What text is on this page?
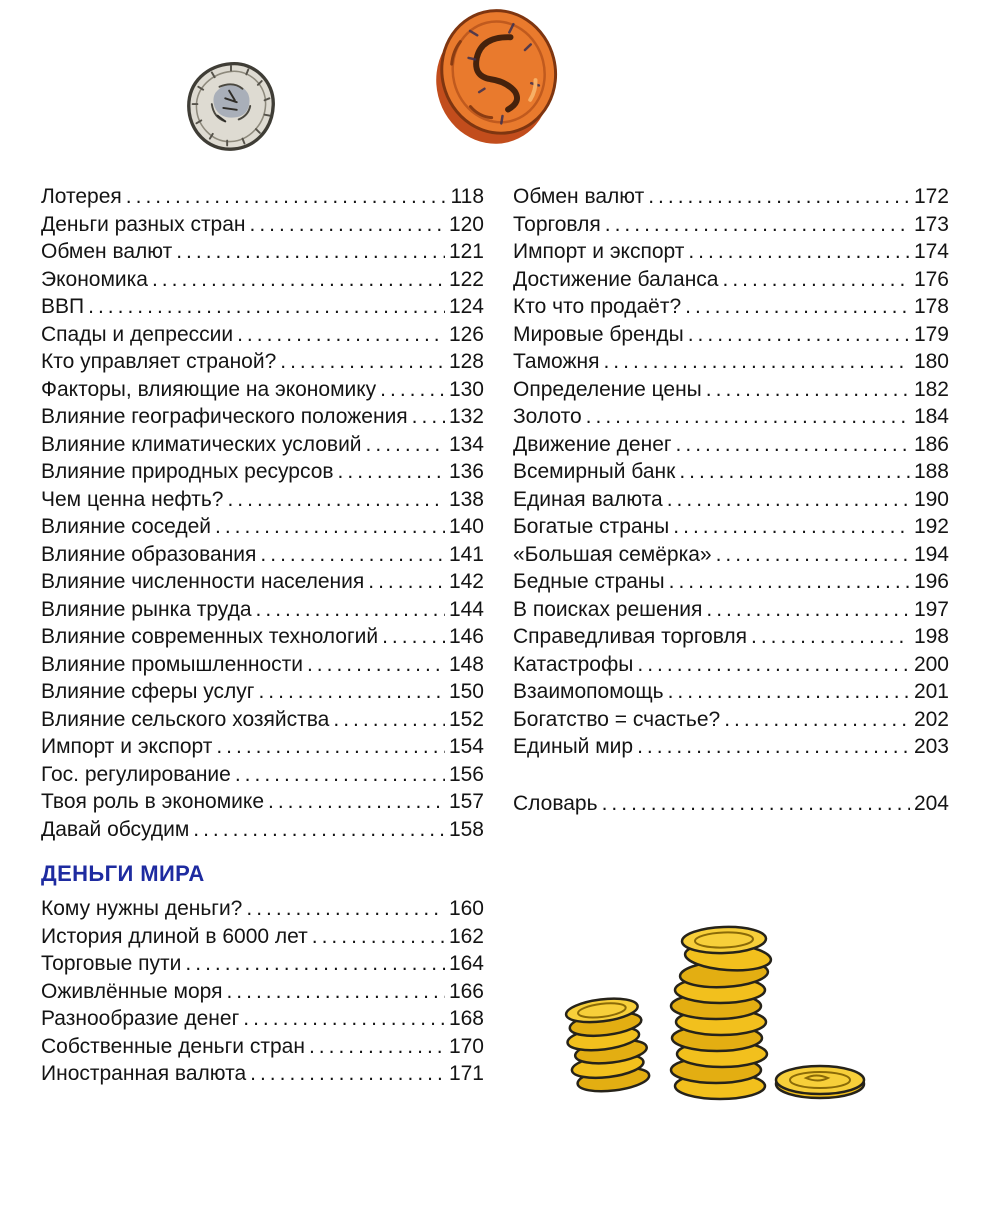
Лотерея .....	118
Деньги разных стран .....	120
Обмен валют .....	121
Экономика .....	122
ВВП .....	124
Спады и депрессии .....	126
Кто управляет страной? .....	128
Факторы, влияющие на экономику .....	130
Влияние географического положения ..... 132
Влияние климатических условий .....	134
Влияние природных ресурсов .....	136
Чем ценна нефть? .....	138
Влияние соседей .....	140
Влияние образования .....	141
Влияние численности населения .....	142
Влияние рынка труда .....	144
Влияние современных технологий .....	146
Влияние промышленности .....	148
Влияние сферы услуг .....	150
Влияние сельского хозяйства .....	152
Импорт и экспорт .....	154
Гос. регулирование .....	156
Твоя роль в экономике .....	157
Давай обсудим .....	158
ДЕНЬГИ МИРА
Кому нужны деньги? .....	160
История длиной в 6000 лет .....	162
Торговые пути .....	164
Оживлённые моря .....	166
Разнообразие денег .....	168
Собственные деньги стран .....	170
Иностранная валюта .....	171
Обмен валют .....	172
Торговля .....	173
Импорт и экспорт .....	174
Достижение баланса .....	176
Кто что продаёт? .....	178
Мировые бренды .....	179
Таможня .....	180
Определение цены .....	182
Золото .....	184
Движение денег .....	186
Всемирный банк .....	188
Единая валюта .....	190
Богатые страны .....	192
«Большая семёрка» .....	194
Бедные страны .....	196
В поисках решения .....	197
Справедливая торговля .....	198
Катастрофы .....	200
Взаимопомощь .....	201
Богатство = счастье? .....	202
Единый мир .....	203
Словарь .....	204
